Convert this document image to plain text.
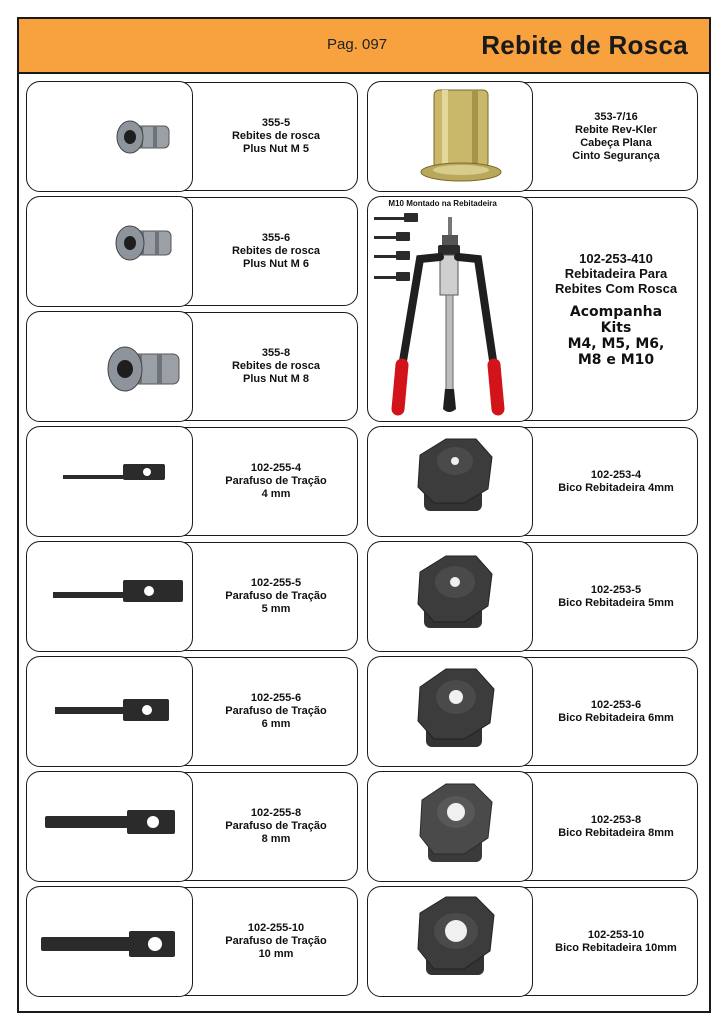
Pag. 097	Rebite de Rosca
355-5
Rebites de rosca
Plus Nut M 5
355-6
Rebites de rosca
Plus Nut M 6
355-8
Rebites de rosca
Plus Nut M 8
102-255-4
Parafuso de Tração
4 mm
102-255-5
Parafuso de Tração
5 mm
102-255-6
Parafuso de Tração
6 mm
102-255-8
Parafuso de Tração
8 mm
102-255-10
Parafuso de Tração
10 mm
353-7/16
Rebite Rev-Kler
Cabeça Plana
Cinto Segurança
M10 Montado na Rebitadeira
102-253-410
Rebitadeira Para
Rebites Com Rosca
Acompanha
Kits
M4, M5, M6,
M8 e M10
102-253-4
Bico Rebitadeira 4mm
102-253-5
Bico Rebitadeira 5mm
102-253-6
Bico Rebitadeira 6mm
102-253-8
Bico Rebitadeira 8mm
102-253-10
Bico Rebitadeira 10mm
